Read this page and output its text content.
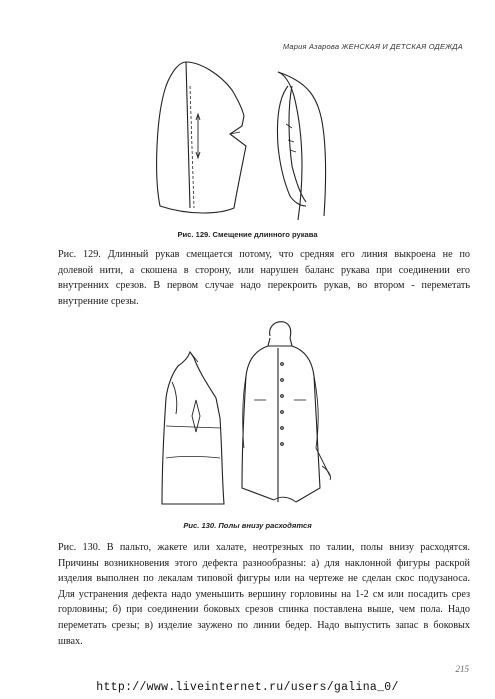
Мария Азарова ЖЕНСКАЯ И ДЕТСКАЯ ОДЕЖДА
Рис. 129. Смещение длинного рукава
Рис. 129. Длинный рукав смещается потому, что средняя его линия выкроена не по
долевой нити, а скошена в сторону, или нарушен баланс рукава при соединении его
внутренних срезов. В первом случае надо перекроить рукав, во втором - переметать
внутренние срезы.
Рис. 130. Полы внизу расходятся
Рис. 130. В пальто, жакете или халате, неотрезных по талии, полы внизу расходятся.
Причины возникновения этого дефекта разнообразны: а) для наклонной фигуры раскрой
изделия выполнен по лекалам типовой фигуры или на чертеже не сделан скос подузаноса.
Для устранения дефекта надо уменьшить вершину горловины на 1-2 см или посадить срез
горловины; б) при соединении боковых срезов спинка поставлена выше, чем пола. Надо
переметать срезы; в) изделие заужено по линии бедер. Надо выпустить запас в боковых
швах.
215
http://www.liveinternet.ru/users/galina_0/
